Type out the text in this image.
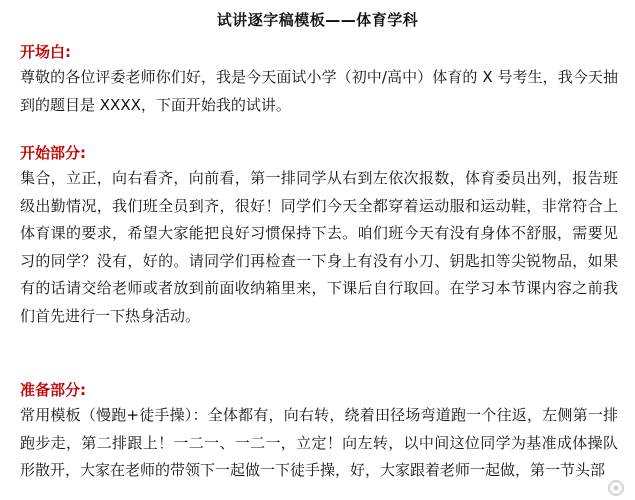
试讲逐字稿模板——体育学科
开场白:

尊敬的各位评委老师你们好，我是今天面试小学（初中/高中）体育的 X 号考生，我今天抽到的题目是 XXXX，下面开始我的试讲。

开始部分:

集合，立正，向右看齐，向前看，第一排同学从右到左依次报数，体育委员出列，报告班级出勤情况，我们班全员到齐，很好！同学们今天全都穿着运动服和运动鞋，非常符合上体育课的要求，希望大家能把良好习惯保持下去。咱们班今天有没有身体不舒服，需要见习的同学？没有，好的。请同学们再检查一下身上有没有小刀、钥匙扣等尖锐物品，如果有的话请交给老师或者放到前面收纳箱里来，下课后自行取回。在学习本节课内容之前我们首先进行一下热身活动。

准备部分:

常用模板（慢跑+徒手操）：全体都有，向右转，绕着田径场弯道跑一个往返，左侧第一排跑步走，第二排跟上！一二一、一二一，立定！向左转，以中间这位同学为基准成体操队形散开，大家在老师的带领下一起做一下徒手操，好，大家跟着老师一起做，第一节头部
